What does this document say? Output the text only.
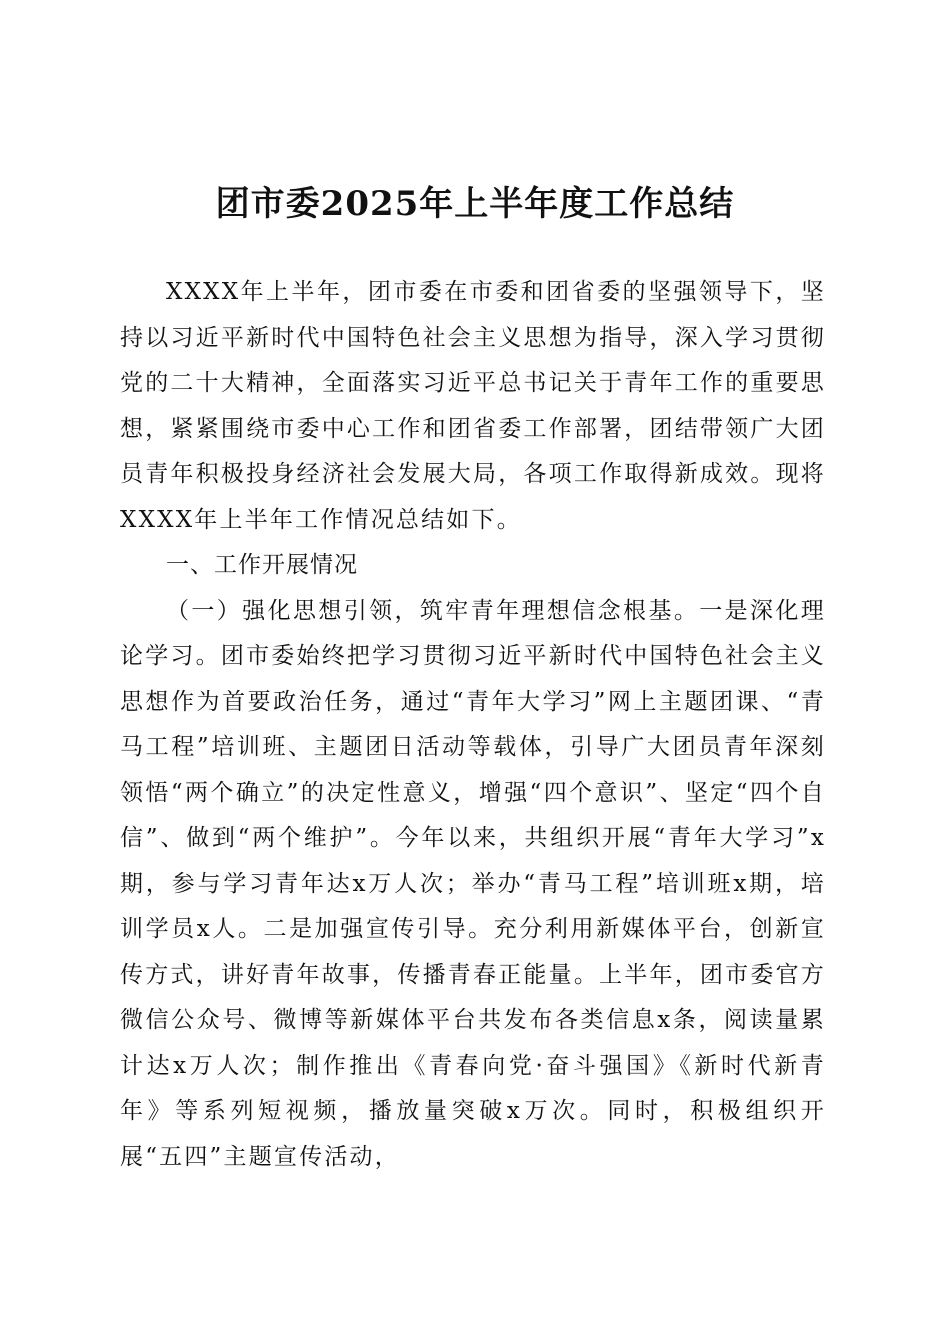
团市委2025年上半年度工作总结

XXXX年上半年，团市委在市委和团省委的坚强领导下，坚持以习近平新时代中国特色社会主义思想为指导，深入学习贯彻党的二十大精神，全面落实习近平总书记关于青年工作的重要思想，紧紧围绕市委中心工作和团省委工作部署，团结带领广大团员青年积极投身经济社会发展大局，各项工作取得新成效。现将XXXX年上半年工作情况总结如下。

一、工作开展情况

（一）强化思想引领，筑牢青年理想信念根基。一是深化理论学习。团市委始终把学习贯彻习近平新时代中国特色社会主义思想作为首要政治任务，通过“青年大学习”网上主题团课、“青马工程”培训班、主题团日活动等载体，引导广大团员青年深刻领悟“两个确立”的决定性意义，增强“四个意识”、坚定“四个自信”、做到“两个维护”。今年以来，共组织开展“青年大学习”x期，参与学习青年达x万人次；举办“青马工程”培训班x期，培训学员x人。二是加强宣传引导。充分利用新媒体平台，创新宣传方式，讲好青年故事，传播青春正能量。上半年，团市委官方微信公众号、微博等新媒体平台共发布各类信息x条，阅读量累计达x万人次；制作推出《青春向党·奋斗强国》《新时代新青年》等系列短视频，播放量突破x万次。同时，积极组织开展“五四”主题宣传活动，
